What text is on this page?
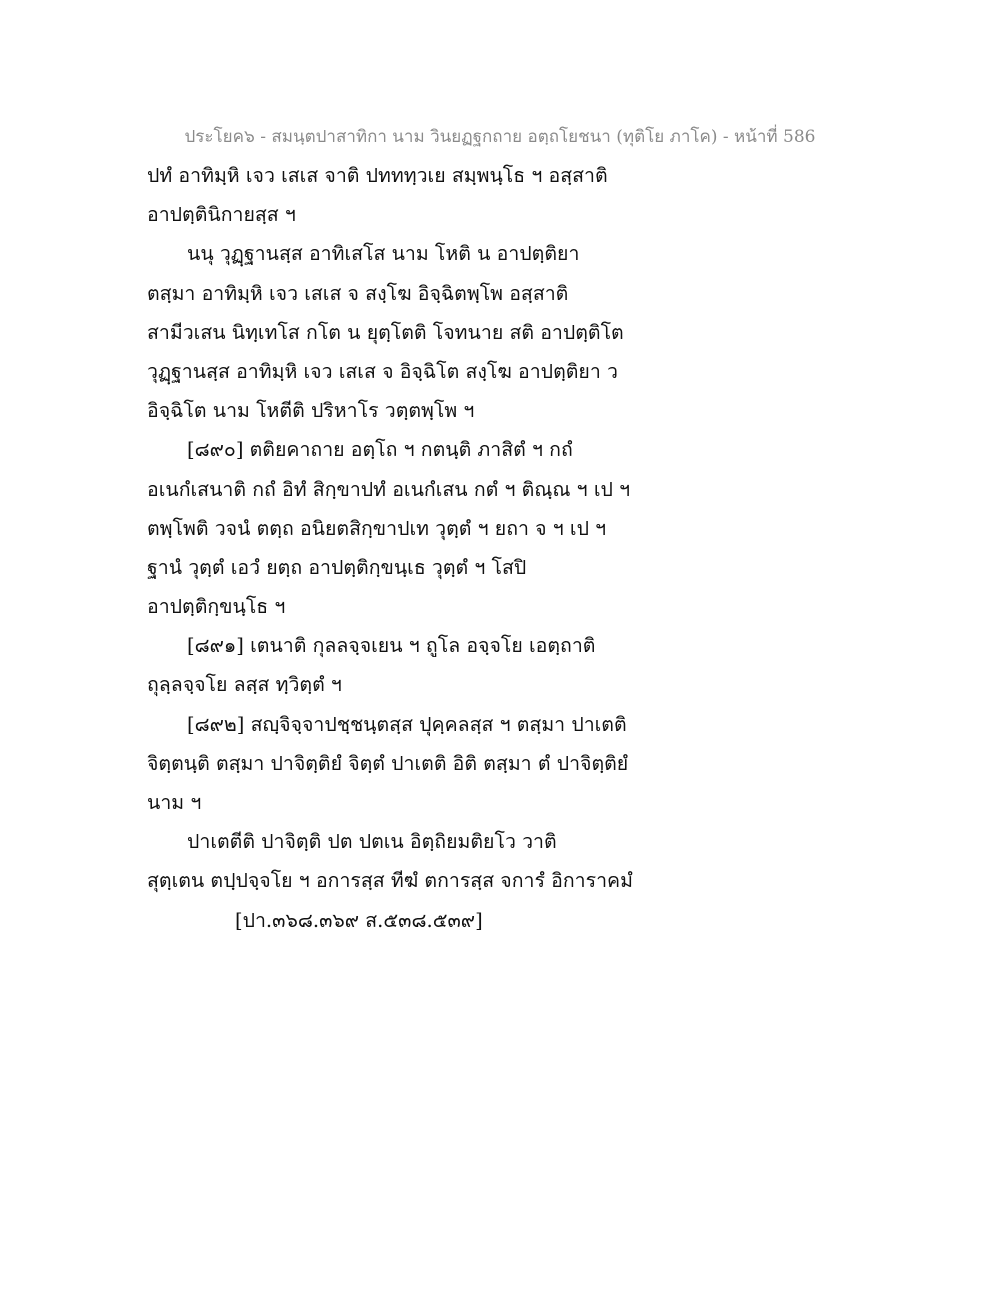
ประโยค๖ - สมนฺตปาสาทิกา นาม วินยฏฐกถาย อตฺถโยชนา (ทุติโย ภาโค) - หน้าที่ 586

ปทํ อาทิมฺหิ เจว เสเส จาติ ปทททฺวเย สมฺพนฺโธ ฯ อสฺสาติ

อาปตฺตินิกายสฺส ฯ

นนุ วุฏฺฐานสฺส อาทิเสโส นาม โหติ น อาปตฺติยา

ตสฺมา อาทิมฺหิ เจว เสเส จ สงฺโฆ อิจฺฉิตพฺโพ อสฺสาติ

สามีวเสน นิทฺเทโส กโต น ยุตฺโตติ โจทนาย สติ อาปตฺติโต

วุฏฺฐานสฺส อาทิมฺหิ เจว เสเส จ อิจฺฉิโต สงฺโฆ อาปตฺติยา ว

อิจฺฉิโต นาม โหตีติ ปริหาโร วตฺตพฺโพ ฯ

[๘๙๐] ตติยคาถาย อตฺโถ ฯ กตนฺติ ภาสิตํ ฯ กถํ

อเนกํเสนาติ กถํ อิทํ สิกฺขาปทํ อเนกํเสน กตํ ฯ ติณฺณ ฯ เป ฯ

ตพฺโพติ วจนํ ตตฺถ อนิยตสิกฺขาปเท วุตฺตํ ฯ ยถา จ ฯ เป ฯ

ฐานํ วุตฺตํ เอวํ ยตฺถ อาปตฺติกฺขนฺเธ วุตฺตํ ฯ โสปิ

อาปตฺติกฺขนฺโธ ฯ

[๘๙๑] เตนาติ กุลลจฺจเยน ฯ ถูโล อจฺจโย เอตฺถาติ

ถุลฺลจฺจโย ลสฺส ทฺวิตฺตํ ฯ

[๘๙๒] สญฺจิจฺจาปชฺชนฺตสฺส ปุคฺคลสฺส ฯ ตสฺมา ปาเตติ

จิตฺตนฺติ ตสฺมา ปาจิตฺติยํ จิตฺตํ ปาเตติ อิติ ตสฺมา ตํ ปาจิตฺติยํ

นาม ฯ

ปาเตตีติ ปาจิตฺติ ปต ปตเน อิตฺถิยมติยโว วาติ

สุตฺเตน ตปฺปจฺจโย ฯ อการสฺส ทีฆํ ตการสฺส จการํ อิการาคมํ

[ปา.๓๖๘.๓๖๙ ส.๕๓๘.๕๓๙]
